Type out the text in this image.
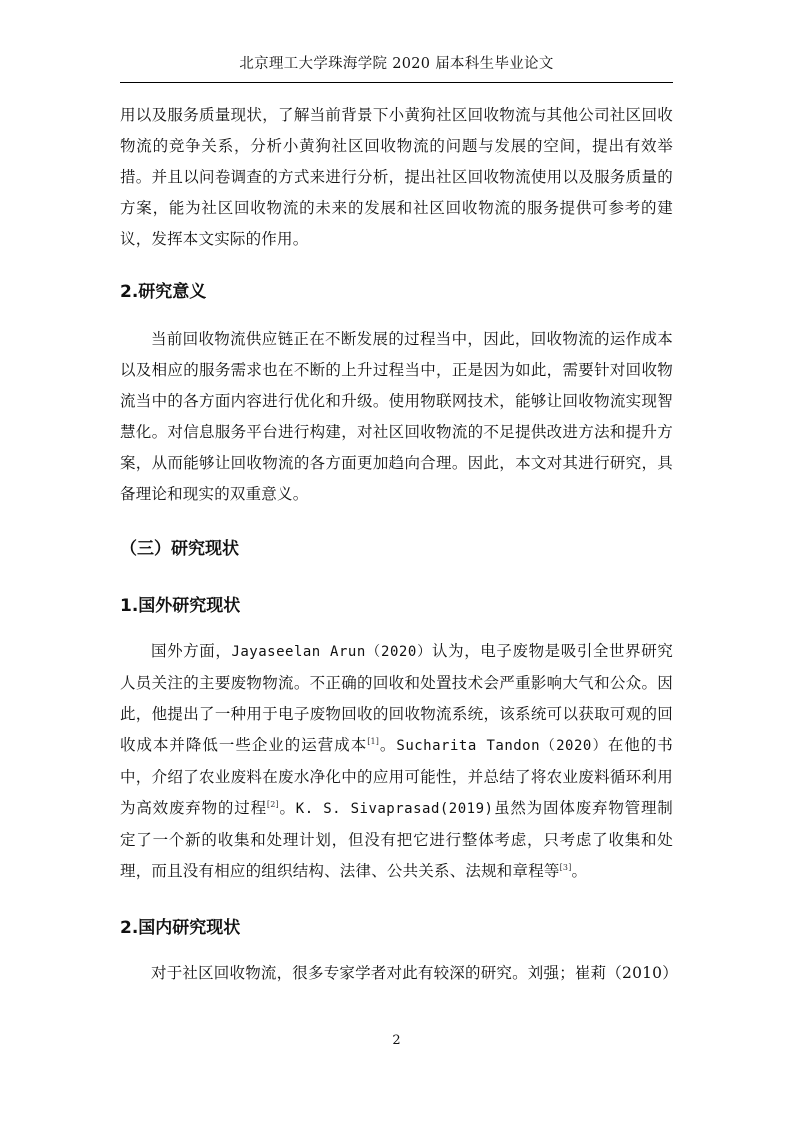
北京理工大学珠海学院 2020 届本科生毕业论文

用以及服务质量现状，了解当前背景下小黄狗社区回收物流与其他公司社区回收物流的竞争关系，分析小黄狗社区回收物流的问题与发展的空间，提出有效举措。并且以问卷调查的方式来进行分析，提出社区回收物流使用以及服务质量的方案，能为社区回收物流的未来的发展和社区回收物流的服务提供可参考的建议，发挥本文实际的作用。

2.研究意义

当前回收物流供应链正在不断发展的过程当中，因此，回收物流的运作成本以及相应的服务需求也在不断的上升过程当中，正是因为如此，需要针对回收物流当中的各方面内容进行优化和升级。使用物联网技术，能够让回收物流实现智慧化。对信息服务平台进行构建，对社区回收物流的不足提供改进方法和提升方案，从而能够让回收物流的各方面更加趋向合理。因此，本文对其进行研究，具备理论和现实的双重意义。

（三）研究现状
1.国外研究现状

国外方面，Jayaseelan Arun（2020）认为，电子废物是吸引全世界研究人员关注的主要废物物流。不正确的回收和处置技术会严重影响大气和公众。因此，他提出了一种用于电子废物回收的回收物流系统，该系统可以获取可观的回收成本并降低一些企业的运营成本[1]。Sucharita Tandon（2020）在他的书中，介绍了农业废料在废水净化中的应用可能性，并总结了将农业废料循环利用为高效废弃物的过程[2]。K. S. Sivaprasad(2019)虽然为固体废弃物管理制定了一个新的收集和处理计划，但没有把它进行整体考虑，只考虑了收集和处理，而且没有相应的组织结构、法律、公共关系、法规和章程等[3]。

2.国内研究现状

对于社区回收物流，很多专家学者对此有较深的研究。刘强；崔莉（2010）

2
